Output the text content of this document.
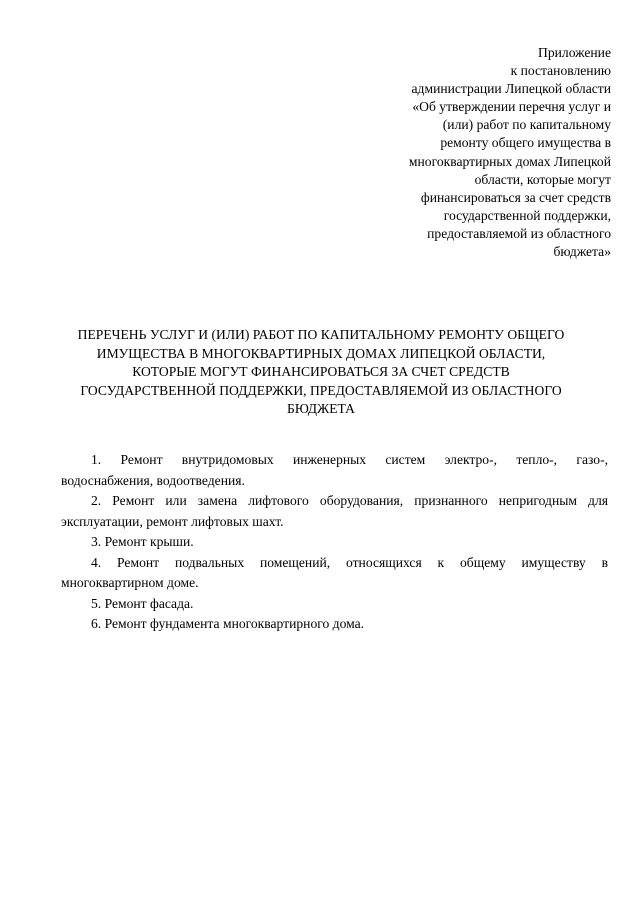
Приложение
к постановлению
администрации Липецкой области
«Об утверждении перечня услуг и
(или) работ по капитальному
ремонту общего имущества в
многоквартирных домах Липецкой
области, которые могут
финансироваться за счет средств
государственной поддержки,
предоставляемой из областного
бюджета»
ПЕРЕЧЕНЬ УСЛУГ И (ИЛИ) РАБОТ ПО КАПИТАЛЬНОМУ РЕМОНТУ ОБЩЕГО
ИМУЩЕСТВА В МНОГОКВАРТИРНЫХ ДОМАХ ЛИПЕЦКОЙ ОБЛАСТИ,
КОТОРЫЕ МОГУТ ФИНАНСИРОВАТЬСЯ ЗА СЧЕТ СРЕДСТВ
ГОСУДАРСТВЕННОЙ ПОДДЕРЖКИ, ПРЕДОСТАВЛЯЕМОЙ ИЗ ОБЛАСТНОГО
БЮДЖЕТА

1. Ремонт внутридомовых инженерных систем электро-, тепло-, газо-,
водоснабжения, водоотведения.

2. Ремонт или замена лифтового оборудования, признанного непригодным для
эксплуатации, ремонт лифтовых шахт.

3. Ремонт крыши.

4. Ремонт подвальных помещений, относящихся к общему имуществу в
многоквартирном доме.

5. Ремонт фасада.

6. Ремонт фундамента многоквартирного дома.
